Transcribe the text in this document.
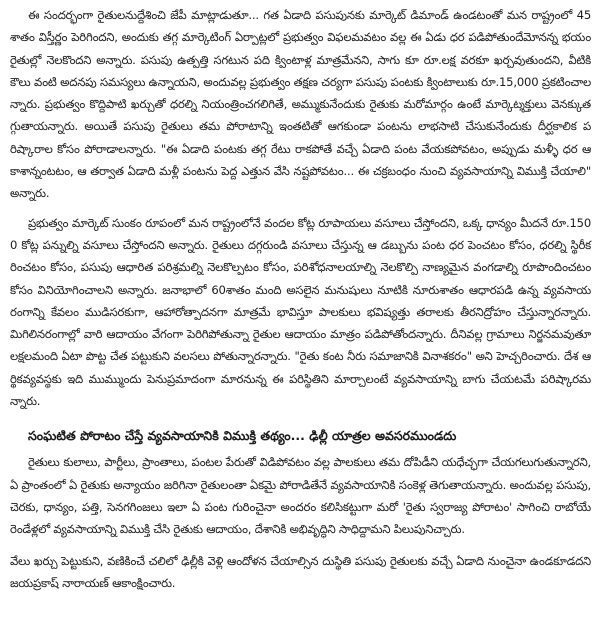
ఈ సందర్భంగా రైతులనుద్దేశించి జేపీ మాట్లాడుతూ... గత ఏడాది పసుపునకు మార్కెట్ డిమాండ్ ఉండటంతో మన రాష్ట్రంలో 45శాతం విస్తీర్ణం పెరిగిందని, అందుకు తగ్గ మార్కెటింగ్ ఏర్పాట్లలో ప్రభుత్వం విఫలమవటం వల్ల ఈ ఏడు ధర పడిపోతుందేమోనన్న భయం రైతుల్లో నెలకొందని అన్నారు. పసుపు ఉత్పత్తి సగటున పది క్వింటాళ్ల మాత్రమేనని, సాగు కూ రూ.లక్ష వరకూ ఖర్చవుతుందని, వీటికి కౌలు వంటి అదనపు సమస్యలు ఉన్నాయని, అందువల్ల ప్రభుత్వం తక్షణ చర్యగా పసుపు పంటకు క్వింటాలుకు రూ.15,000 ప్రకటించాలన్నారు. ప్రభుత్వం కొద్దిపాటి ఖర్చుతో ధరల్ని నియంత్రించగలిగితే, అమ్ముకునేందుకు రైతుకు మరోమార్గం ఉంటే మార్కెట్శక్తులు వెనక్కుతగ్గుతాయన్నారు. అయితే పసుపు రైతులు తమ పోరాటాన్ని ఇంతటితో ఆగకుండా పంటను లాభసాటి చేసుకునేందుకు దీర్ఘకాలిక పరిష్కారాల కోసం పోరాడాలన్నారు. "ఈ ఏడాది పంటకు తగ్గ రేటు రాకపోతే వచ్చే ఏడాది పంట వేయకపోవటం, అప్పుడు మళ్ళీ ధర ఆకాశాన్నంటటం, ఆ తర్వాత ఏడాది మళ్లీ పంటను పెద్ద ఎత్తున వేసి నష్టపోవటం... ఈ చక్రబంధం నుంచి వ్యవసాయాన్ని విముక్తి చేయాలి" అన్నారు.

ప్రభుత్వం మార్కెట్ సుంకం రూపంలో మన రాష్ట్రంలోనే వందల కోట్ల రూపాయలు వసూలు చేస్తోందని, ఒక్క ధాన్యం మీదనే రూ.1500 కోట్ల పన్నుల్ని వసూలు చేస్తోందని అన్నారు. రైతులు దగ్గరుండి వసూలు చేస్తున్న ఆ డబ్బును పంట ధర పెంచటం కోసం, ధరల్ని స్థిరీకరించటం కోసం, పసుపు ఆధారిత పరిశ్రమల్ని నెలకొల్పటం కోసం, పరిశోధనాలయాల్ని నెలకొల్పి నాణ్యమైన వంగడాల్ని రూపొందించటం కోసం వినియోగించాలని అన్నారు. జనాభాలో 60శాతం మంది అసలైన మనుషులు నూటికి నూరుశాతం ఆధారపడి ఉన్న వ్యవసాయరంగాన్ని కేవలం ముడిసరకుగా, ఆహారోత్పాదనగా మాత్రమే భావిస్తూ పాలకులు భవిష్యత్తు తరాలకు తీరనిద్రోహం చేస్తున్నారన్నారు. మిగిలినరంగాల్లో వారి ఆదాయం వేగంగా పెరిగిపోతున్నా రైతుల ఆదాయం మాత్రం పడిపోతోందన్నారు. దీనివల్ల గ్రామాలు నిర్జనమవుతూ లక్షలమంది ఏటా పొట్ట చేత పట్టుకుని వలసలు పోతున్నారన్నారు. "రైతు కంట నీరు సమాజానికి వినాశకరం" అని హెచ్చరించారు. దేశ ఆర్థికవ్యవస్థకు ఇది ముమ్ముందు పెనుప్రమాదంగా మారనున్న ఈ పరిస్థితిని మార్చాలంటే వ్యవసాయాన్ని బాగు చేయటమే పరిష్కారమన్నారు.

సంఘటిత పోరాటం చేస్తే వ్యవసాయానికి విముక్తి తథ్యం... ఢిల్లీ యాత్రల అవసరముండదు

రైతులు కులాలు, పార్టీలు, ప్రాంతాలు, పంటల పేరుతో విడిపోవటం వల్ల పాలకులు తమ దోపిడీని యధేచ్ఛగా చేయగలుగుతున్నారని, ఏ ప్రాంతంలో ఏ రైతుకు అన్యాయం జరిగినా రైతులంతా ఏకమై పోరాడితేనే వ్యవసాయానికి సంకెళ్ల తెగుతాయన్నారు. అందువల్ల పసుపు, చెరకు, ధాన్యం, పత్తి, సెనగగింజలు ఇలా ఏ పంట గురించైనా అందరం కలిసికట్టుగా మరో 'రైతు స్వరాజ్య పోరాటం' సాగించి రాబోయే రెండేళ్లలో వ్యవసాయాన్ని విముక్తి చేసి రైతుకు ఆదాయం, దేశానికి అభివృద్ధిని సాధిద్దామని పిలుపునిచ్చారు.

వేలు ఖర్చు పెట్టుకుని, వణికించే చలిలో ఢిల్లీకి వెళ్లి ఆందోళన చేయాల్సిన దుస్థితి పసుపు రైతులకు వచ్చే ఏడాది నుంచైనా ఉండకూడదని జయప్రకాష్ నారాయణ్ ఆకాంక్షించారు.
